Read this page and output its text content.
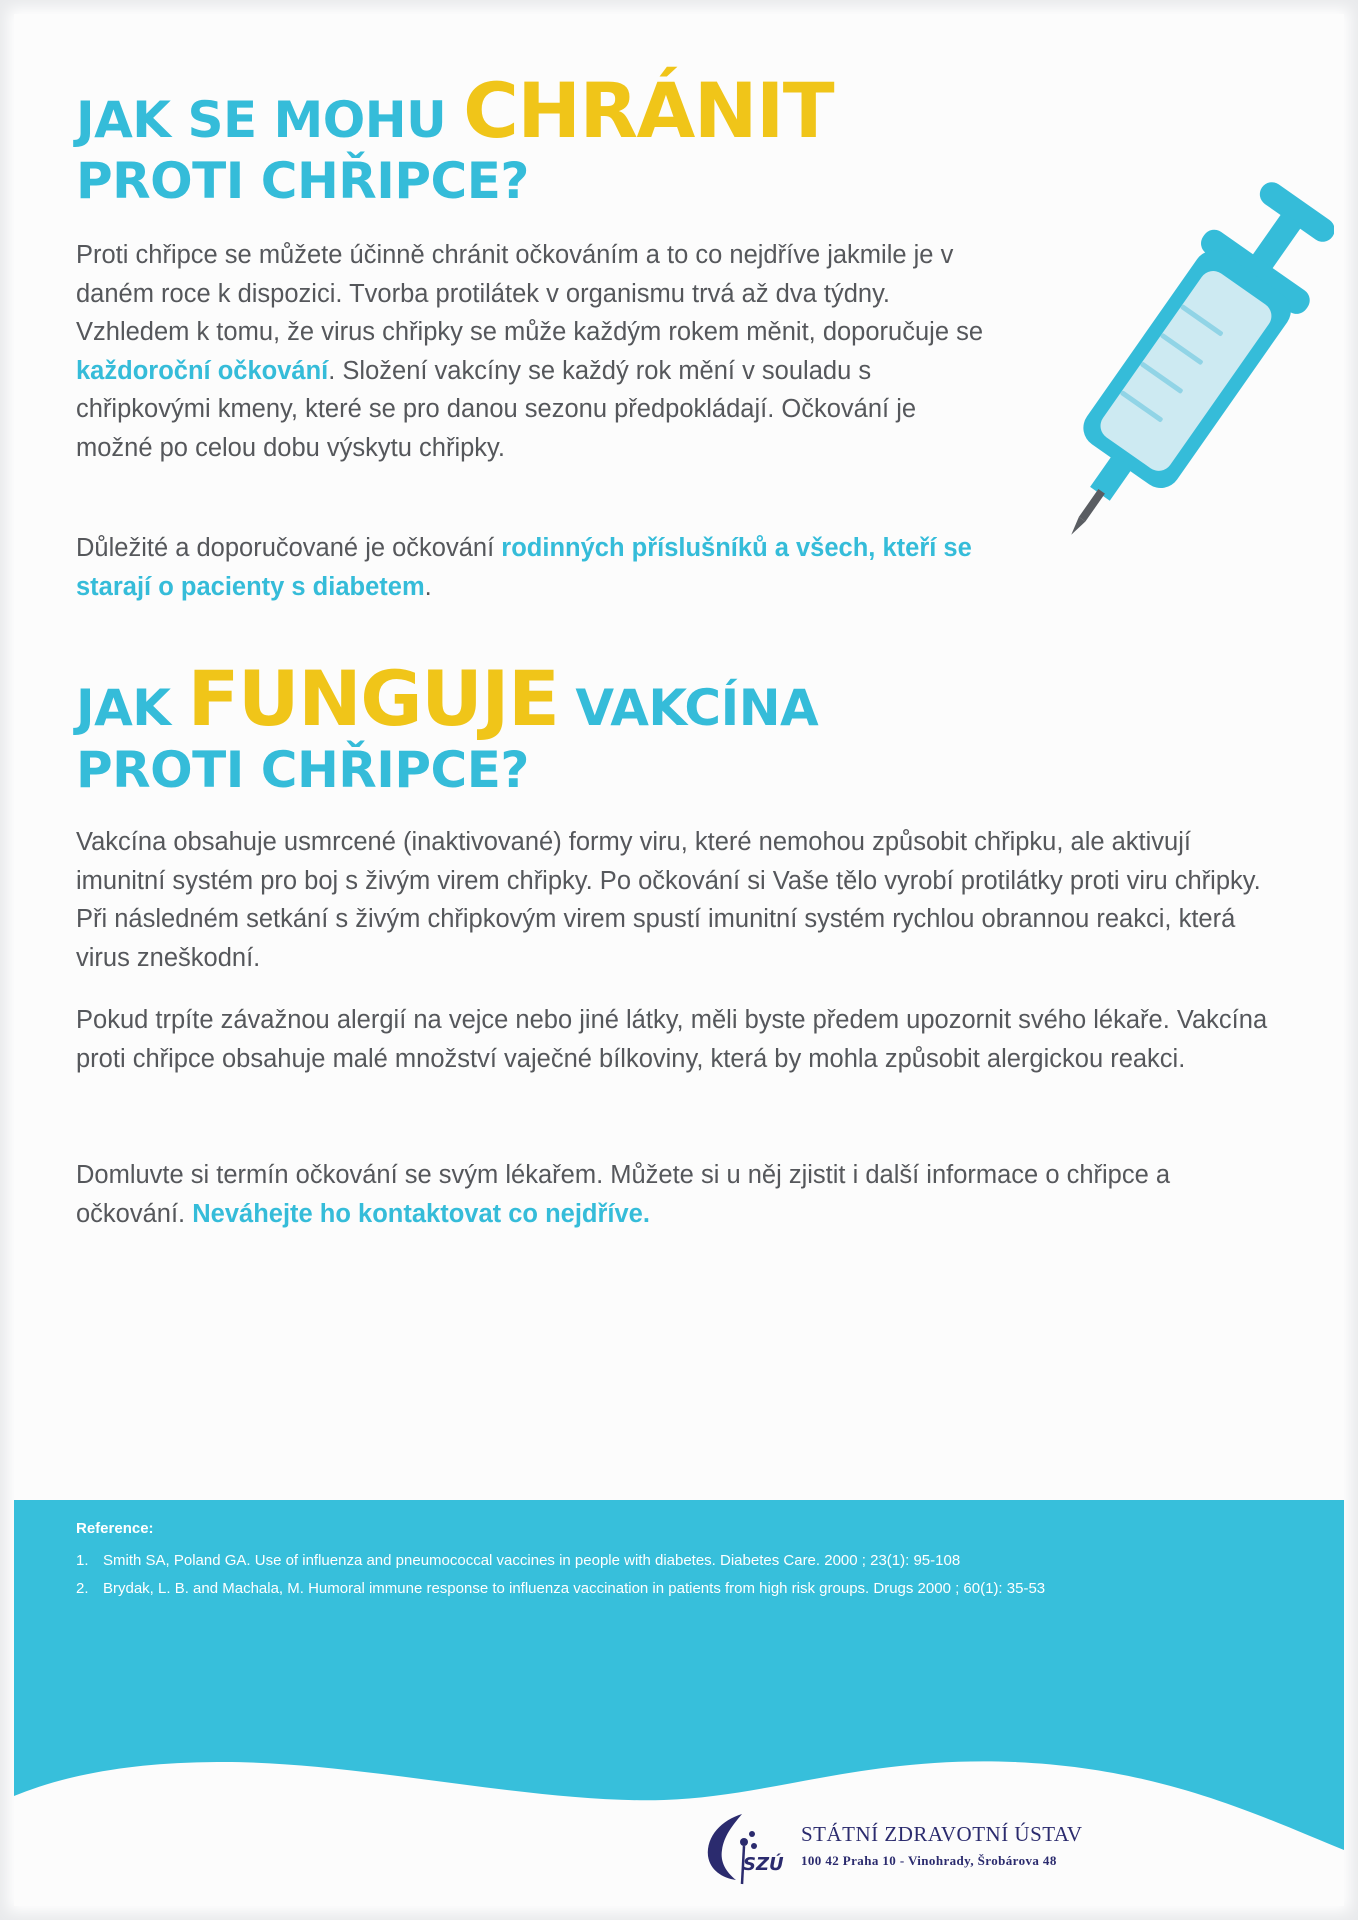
JAK SE MOHU CHRÁNIT
PROTI CHŘIPCE?

Proti chřipce se můžete účinně chránit očkováním a to co nejdříve jakmile je v daném roce k dispozici. Tvorba protilátek v organismu trvá až dva týdny. Vzhledem k tomu, že virus chřipky se může každým rokem měnit, doporučuje se každoroční očkování. Složení vakcíny se každý rok mění v souladu s chřipkovými kmeny, které se pro danou sezonu předpokládají. Očkování je možné po celou dobu výskytu chřipky.

Důležité a doporučované je očkování rodinných příslušníků a všech, kteří se starají o pacienty s diabetem.

JAK FUNGUJE VAKCÍNA
PROTI CHŘIPCE?

Vakcína obsahuje usmrcené (inaktivované) formy viru, které nemohou způsobit chřipku, ale aktivují imunitní systém pro boj s živým virem chřipky. Po očkování si Vaše tělo vyrobí protilátky proti viru chřipky. Při následném setkání s živým chřipkovým virem spustí imunitní systém rychlou obrannou reakci, která virus zneškodní.

Pokud trpíte závažnou alergií na vejce nebo jiné látky, měli byste předem upozornit svého lékaře. Vakcína proti chřipce obsahuje malé množství vaječné bílkoviny, která by mohla způsobit alergickou reakci.

Domluvte si termín očkování se svým lékařem. Můžete si u něj zjistit i další informace o chřipce a očkování. Neváhejte ho kontaktovat co nejdříve.

Reference:
1. Smith SA, Poland GA. Use of influenza and pneumococcal vaccines in people with diabetes. Diabetes Care. 2000 ; 23(1): 95-108
2. Brydak, L. B. and Machala, M. Humoral immune response to influenza vaccination in patients from high risk groups. Drugs 2000 ; 60(1): 35-53
SZÚ
STÁTNÍ ZDRAVOTNÍ ÚSTAV
100 42 Praha 10 - Vinohrady, Šrobárova 48
